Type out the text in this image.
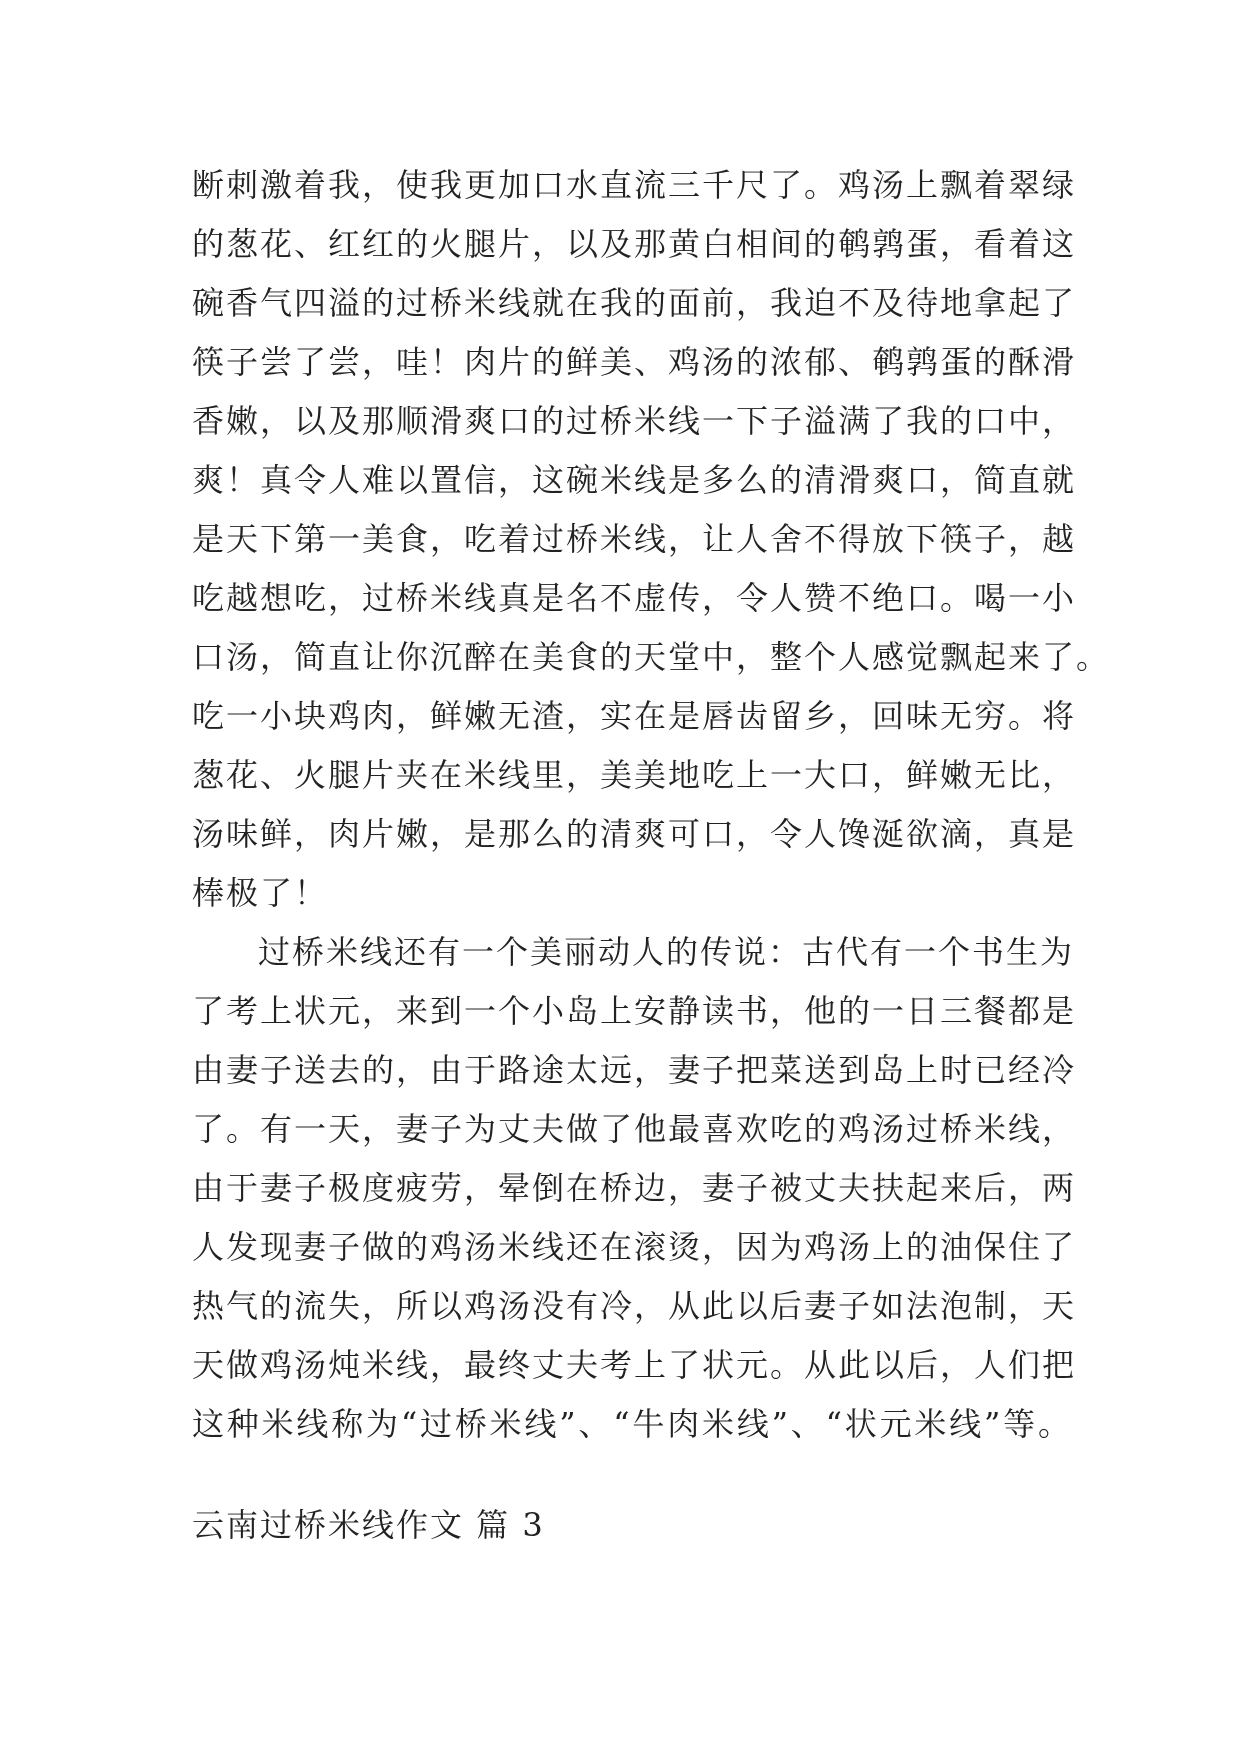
断刺激着我，使我更加口水直流三千尺了。鸡汤上飘着翠绿
的葱花、红红的火腿片，以及那黄白相间的鹌鹑蛋，看着这
碗香气四溢的过桥米线就在我的面前，我迫不及待地拿起了
筷子尝了尝，哇！肉片的鲜美、鸡汤的浓郁、鹌鹑蛋的酥滑
香嫩，以及那顺滑爽口的过桥米线一下子溢满了我的口中，
爽！真令人难以置信，这碗米线是多么的清滑爽口，简直就
是天下第一美食，吃着过桥米线，让人舍不得放下筷子，越
吃越想吃，过桥米线真是名不虚传，令人赞不绝口。喝一小
口汤，简直让你沉醉在美食的天堂中，整个人感觉飘起来了。
吃一小块鸡肉，鲜嫩无渣，实在是唇齿留乡，回味无穷。将
葱花、火腿片夹在米线里，美美地吃上一大口，鲜嫩无比，
汤味鲜，肉片嫩，是那么的清爽可口，令人馋涎欲滴，真是
棒极了！
过桥米线还有一个美丽动人的传说：古代有一个书生为
了考上状元，来到一个小岛上安静读书，他的一日三餐都是
由妻子送去的，由于路途太远，妻子把菜送到岛上时已经冷
了。有一天，妻子为丈夫做了他最喜欢吃的鸡汤过桥米线，
由于妻子极度疲劳，晕倒在桥边，妻子被丈夫扶起来后，两
人发现妻子做的鸡汤米线还在滚烫，因为鸡汤上的油保住了
热气的流失，所以鸡汤没有冷，从此以后妻子如法泡制，天
天做鸡汤炖米线，最终丈夫考上了状元。从此以后，人们把
这种米线称为“过桥米线”、“牛肉米线”、“状元米线”等。
云南过桥米线作文 篇 3
